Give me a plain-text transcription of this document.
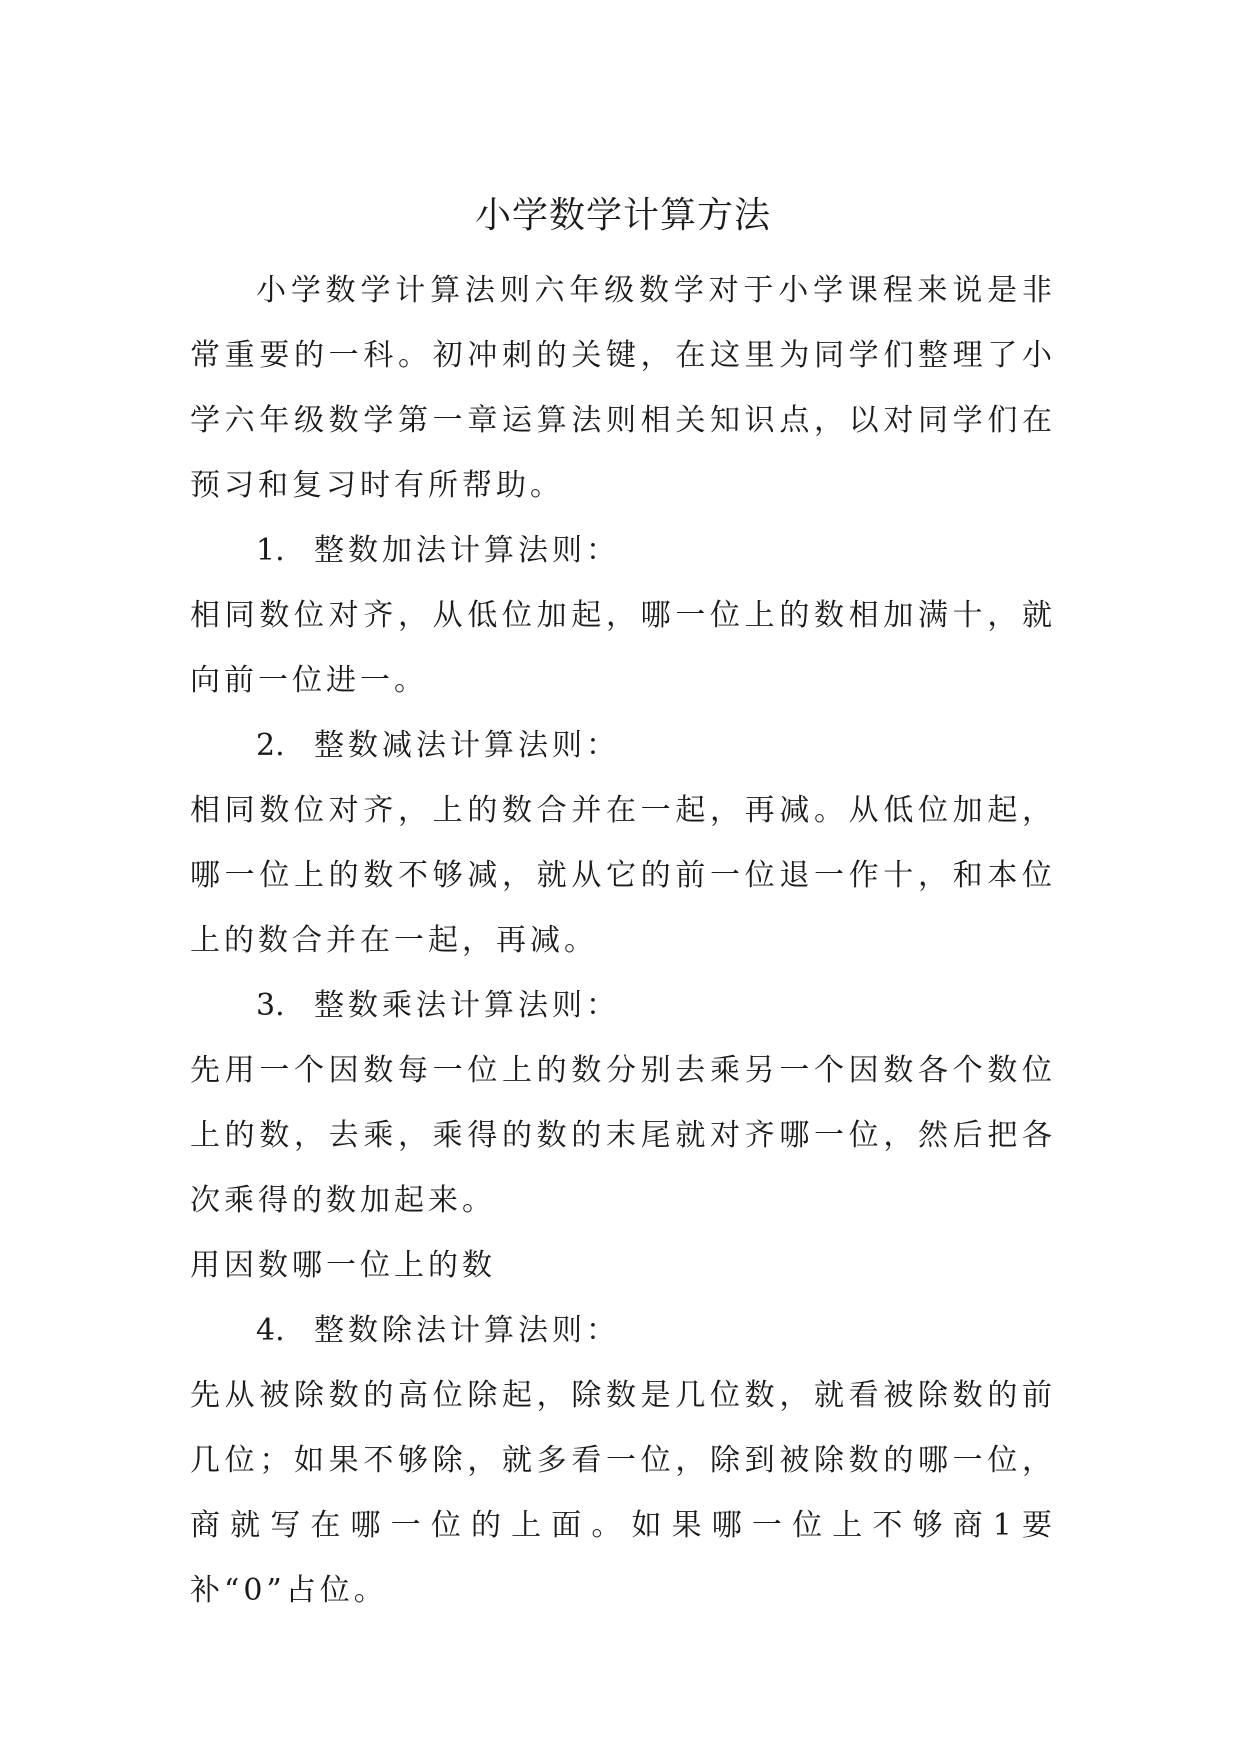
小学数学计算方法

小学数学计算法则六年级数学对于小学课程来说是非常重要的一科。初冲刺的关键，在这里为同学们整理了小学六年级数学第一章运算法则相关知识点，以对同学们在预习和复习时有所帮助。

1. 整数加法计算法则：

相同数位对齐，从低位加起，哪一位上的数相加满十，就向前一位进一。

2. 整数减法计算法则：

相同数位对齐，上的数合并在一起，再减。从低位加起，哪一位上的数不够减，就从它的前一位退一作十，和本位上的数合并在一起，再减。

3. 整数乘法计算法则：

先用一个因数每一位上的数分别去乘另一个因数各个数位上的数，去乘，乘得的数的末尾就对齐哪一位，然后把各次乘得的数加起来。

用因数哪一位上的数

4. 整数除法计算法则：

先从被除数的高位除起，除数是几位数，就看被除数的前几位；如果不够除，就多看一位，除到被除数的哪一位，商就写在哪一位的上面。如果哪一位上不够商1要补“0”占位。
